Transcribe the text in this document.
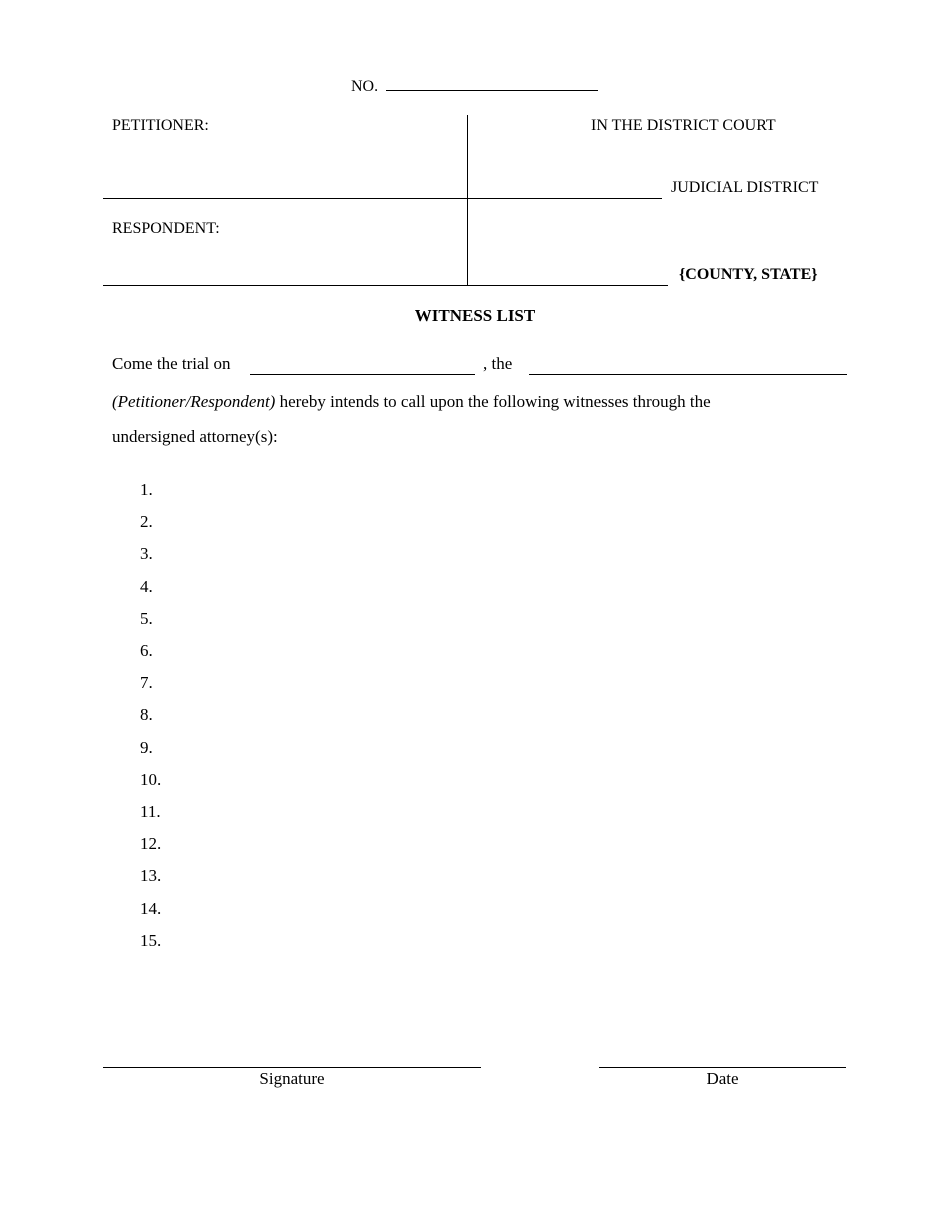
NO.
PETITIONER:
RESPONDENT:
IN THE DISTRICT COURT
JUDICIAL DISTRICT
{COUNTY, STATE}
WITNESS LIST
Come the trial on	, the
(Petitioner/Respondent) hereby intends to call upon the following witnesses through the
undersigned attorney(s):
1.
2.
3.
4.
5.
6.
7.
8.
9.
10.
11.
12.
13.
14.
15.
Signature	Date
